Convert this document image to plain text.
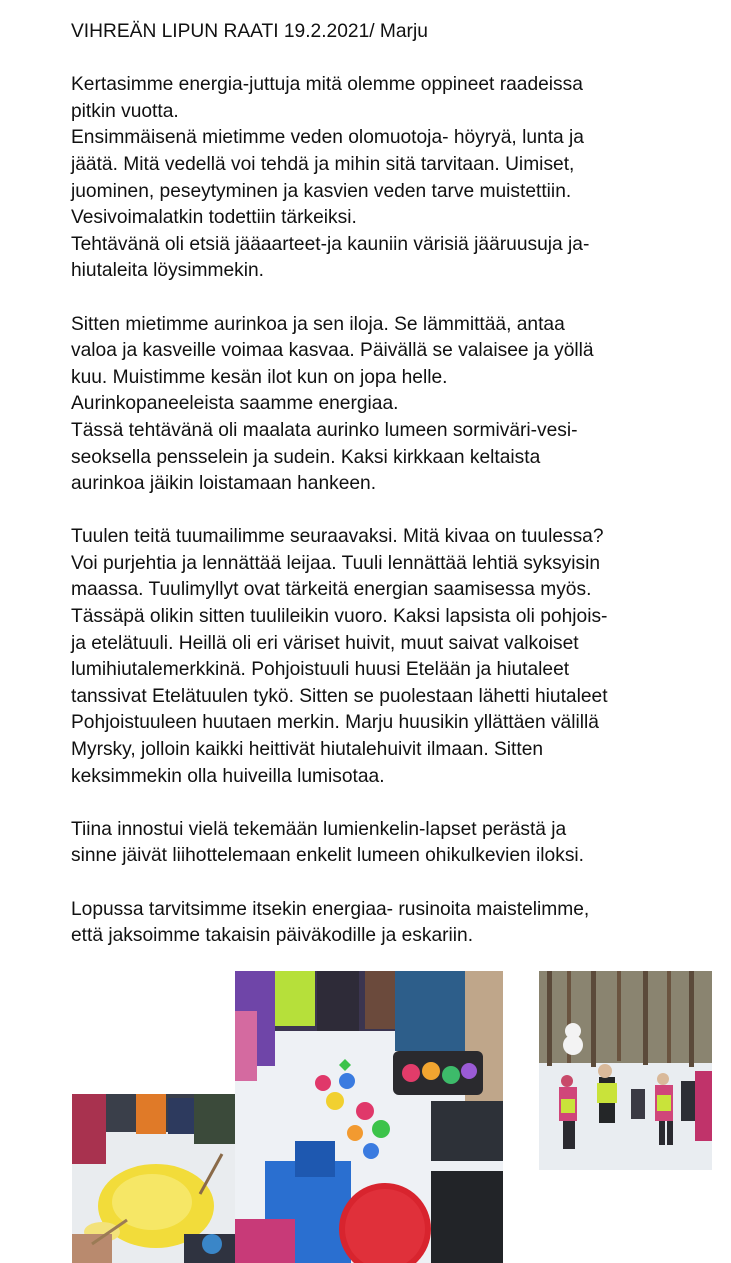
VIHREÄN LIPUN RAATI 19.2.2021/ Marju
Kertasimme energia-juttuja mitä olemme oppineet raadeissa
pitkin vuotta.
Ensimmäisenä mietimme veden olomuotoja- höyryä, lunta ja
jäätä. Mitä vedellä voi tehdä ja mihin sitä tarvitaan. Uimiset,
juominen, peseytyminen ja kasvien veden tarve muistettiin.
Vesivoimalatkin todettiin tärkeiksi.
Tehtävänä oli etsiä jääaarteet-ja kauniin värisiä jääruusuja ja-
hiutaleita löysimmekin.
Sitten mietimme aurinkoa ja sen iloja. Se lämmittää, antaa
valoa ja kasveille voimaa kasvaa. Päivällä se valaisee ja yöllä
kuu. Muistimme kesän ilot kun on jopa helle.
Aurinkopaneeleista saamme energiaa.
Tässä tehtävänä oli maalata aurinko lumeen sormiväri-vesi-
seoksella pensselein ja sudein. Kaksi kirkkaan keltaista
aurinkoa jäikin loistamaan hankeen.
Tuulen teitä tuumailimme seuraavaksi. Mitä kivaa on tuulessa?
Voi purjehtia ja lennättää leijaa. Tuuli lennättää lehtiä syksyisin
maassa. Tuulimyllyt ovat tärkeitä energian saamisessa myös.
Tässäpä olikin sitten tuulileikin vuoro. Kaksi lapsista oli pohjois-
ja etelätuuli. Heillä oli eri väriset huivit, muut saivat valkoiset
lumihiutalemerkkinä. Pohjoistuuli huusi Etelään ja hiutaleet
tanssivat Etelätuulen tykö. Sitten se puolestaan lähetti hiutaleet
Pohjoistuuleen huutaen merkin. Marju huusikin yllättäen välillä
Myrsky, jolloin kaikki heittivät hiutalehuivit ilmaan. Sitten
keksimmekin olla huiveilla lumisotaa.
Tiina innostui vielä tekemään lumienkelin-lapset perästä ja
sinne jäivät liihottelemaan enkelit lumeen ohikulkevien iloksi.
Lopussa tarvitsimme itsekin energiaa- rusinoita maistelimme,
että jaksoimme takaisin päiväkodille ja eskariin.
